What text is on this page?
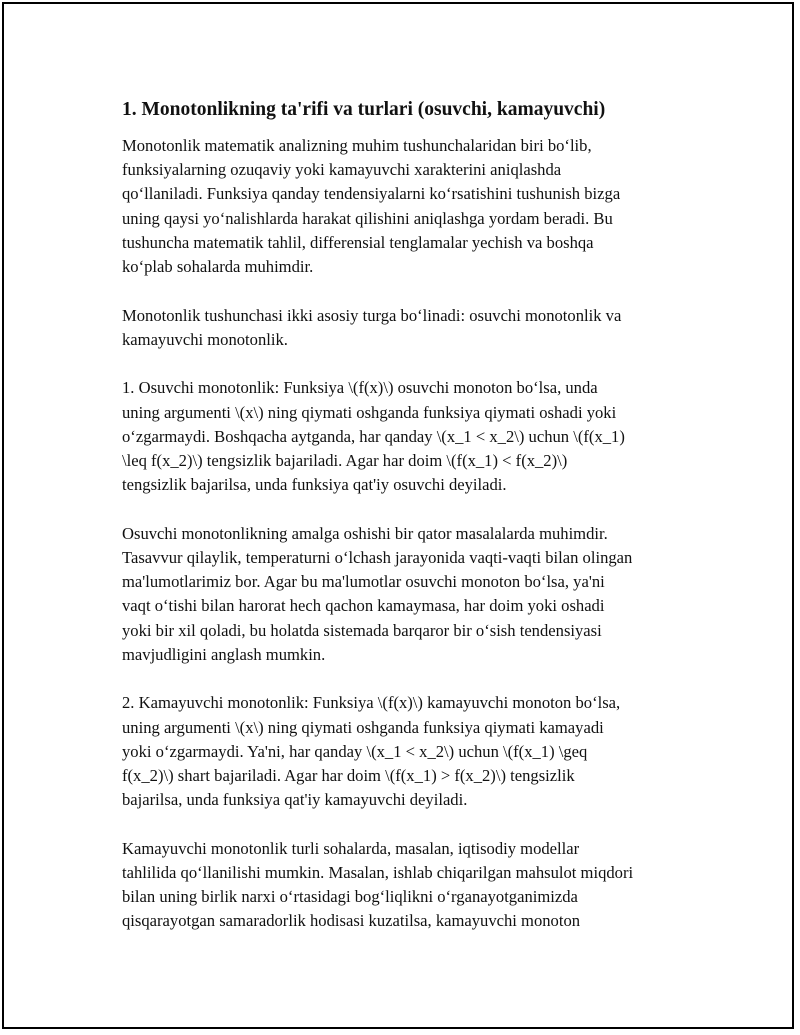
1. Monotonlikning ta'rifi va turlari (osuvchi, kamayuvchi)

Monotonlik matematik analizning muhim tushunchalaridan biri bo‘lib,
funksiyalarning ozuqaviy yoki kamayuvchi xarakterini aniqlashda
qo‘llaniladi. Funksiya qanday tendensiyalarni ko‘rsatishini tushunish bizga
uning qaysi yo‘nalishlarda harakat qilishini aniqlashga yordam beradi. Bu
tushuncha matematik tahlil, differensial tenglamalar yechish va boshqa
ko‘plab sohalarda muhimdir.

Monotonlik tushunchasi ikki asosiy turga bo‘linadi: osuvchi monotonlik va
kamayuvchi monotonlik.

1. Osuvchi monotonlik: Funksiya \(f(x)\) osuvchi monoton bo‘lsa, unda
uning argumenti \(x\) ning qiymati oshganda funksiya qiymati oshadi yoki
o‘zgarmaydi. Boshqacha aytganda, har qanday \(x_1 < x_2\) uchun \(f(x_1)
\leq f(x_2)\) tengsizlik bajariladi. Agar har doim \(f(x_1) < f(x_2)\)
tengsizlik bajarilsa, unda funksiya qat'iy osuvchi deyiladi.

Osuvchi monotonlikning amalga oshishi bir qator masalalarda muhimdir.
Tasavvur qilaylik, temperaturni o‘lchash jarayonida vaqti-vaqti bilan olingan
ma'lumotlarimiz bor. Agar bu ma'lumotlar osuvchi monoton bo‘lsa, ya'ni
vaqt o‘tishi bilan harorat hech qachon kamaymasa, har doim yoki oshadi
yoki bir xil qoladi, bu holatda sistemada barqaror bir o‘sish tendensiyasi
mavjudligini anglash mumkin.

2. Kamayuvchi monotonlik: Funksiya \(f(x)\) kamayuvchi monoton bo‘lsa,
uning argumenti \(x\) ning qiymati oshganda funksiya qiymati kamayadi
yoki o‘zgarmaydi. Ya'ni, har qanday \(x_1 < x_2\) uchun \(f(x_1) \geq
f(x_2)\) shart bajariladi. Agar har doim \(f(x_1) > f(x_2)\) tengsizlik
bajarilsa, unda funksiya qat'iy kamayuvchi deyiladi.

Kamayuvchi monotonlik turli sohalarda, masalan, iqtisodiy modellar
tahlilida qo‘llanilishi mumkin. Masalan, ishlab chiqarilgan mahsulot miqdori
bilan uning birlik narxi o‘rtasidagi bog‘liqlikni o‘rganayotganimizda
qisqarayotgan samaradorlik hodisasi kuzatilsa, kamayuvchi monoton
